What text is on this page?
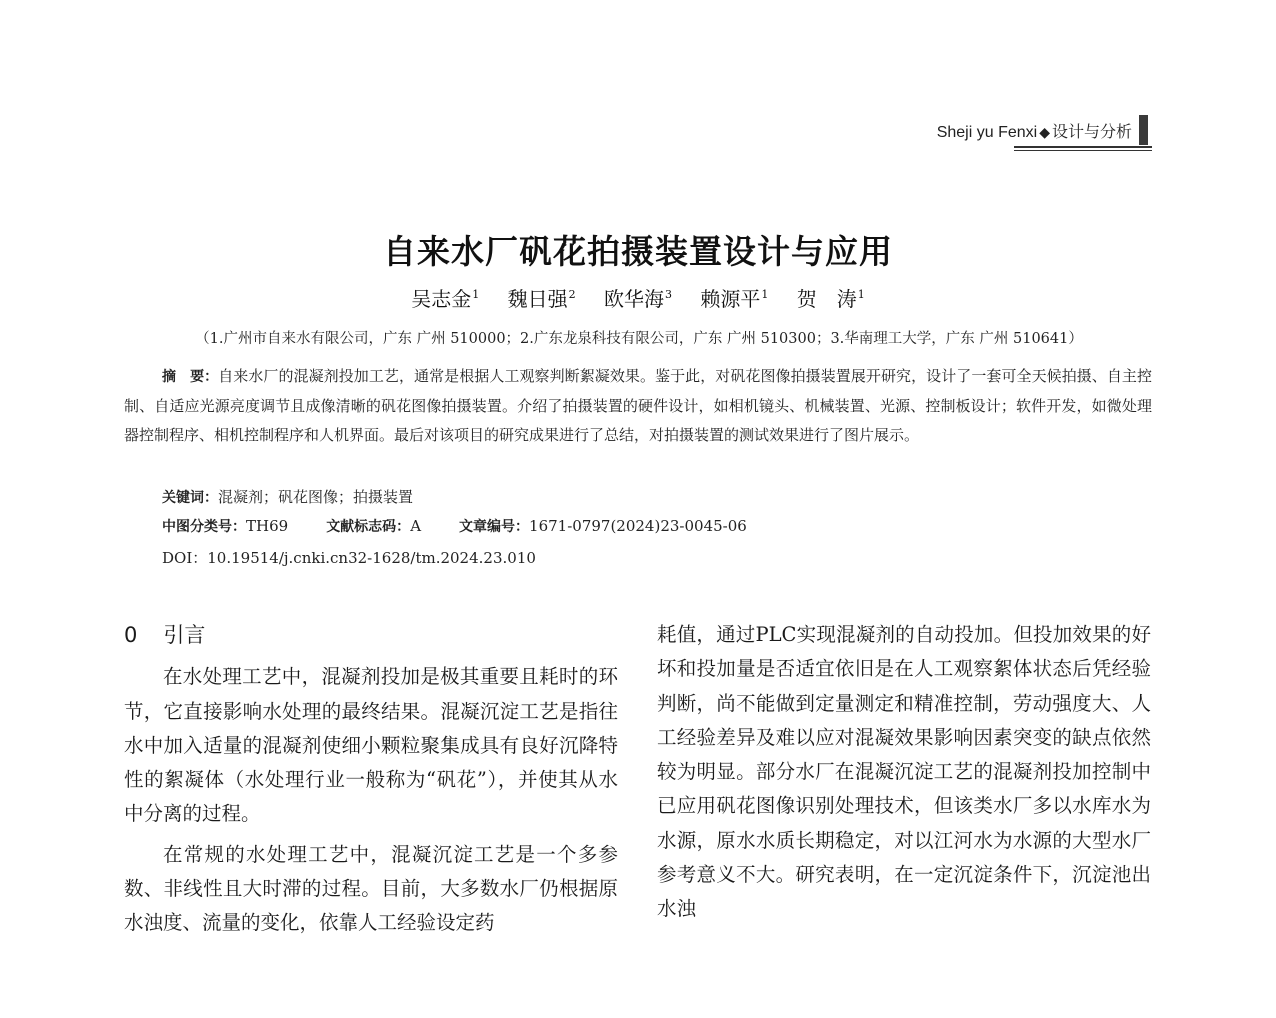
Sheji yu Fenxi ◆ 设计与分析
自来水厂矾花拍摄装置设计与应用
吴志金$^1$ 魏日强$^2$ 欧华海$^3$ 赖源平$^1$ 贺　涛$^1$
（1.广州市自来水有限公司，广东 广州 510000；2.广东龙泉科技有限公司，广东 广州 510300；3.华南理工大学，广东 广州 510641）
摘　要：自来水厂的混凝剂投加工艺，通常是根据人工观察判断絮凝效果。鉴于此，对矾花图像拍摄装置展开研究，设计了一套可全天候拍摄、自主控制、自适应光源亮度调节且成像清晰的矾花图像拍摄装置。介绍了拍摄装置的硬件设计，如相机镜头、机械装置、光源、控制板设计；软件开发，如微处理器控制程序、相机控制程序和人机界面。最后对该项目的研究成果进行了总结，对拍摄装置的测试效果进行了图片展示。
关键词：混凝剂；矾花图像；拍摄装置
中图分类号：TH69	文献标志码：A	文章编号：1671-0797(2024)23-0045-06
DOI：10.19514/j.cnki.cn32-1628/tm.2024.23.010
0 引言

在水处理工艺中，混凝剂投加是极其重要且耗时的环节，它直接影响水处理的最终结果。混凝沉淀工艺是指往水中加入适量的混凝剂使细小颗粒聚集成具有良好沉降特性的絮凝体（水处理行业一般称为“矾花”），并使其从水中分离的过程。

在常规的水处理工艺中，混凝沉淀工艺是一个多参数、非线性且大时滞的过程。目前，大多数水厂仍根据原水浊度、流量的变化，依靠人工经验设定药

耗值，通过PLC实现混凝剂的自动投加。但投加效果的好坏和投加量是否适宜依旧是在人工观察絮体状态后凭经验判断，尚不能做到定量测定和精准控制，劳动强度大、人工经验差异及难以应对混凝效果影响因素突变的缺点依然较为明显。部分水厂在混凝沉淀工艺的混凝剂投加控制中已应用矾花图像识别处理技术，但该类水厂多以水库水为水源，原水水质长期稳定，对以江河水为水源的大型水厂参考意义不大。研究表明，在一定沉淀条件下，沉淀池出水浊
